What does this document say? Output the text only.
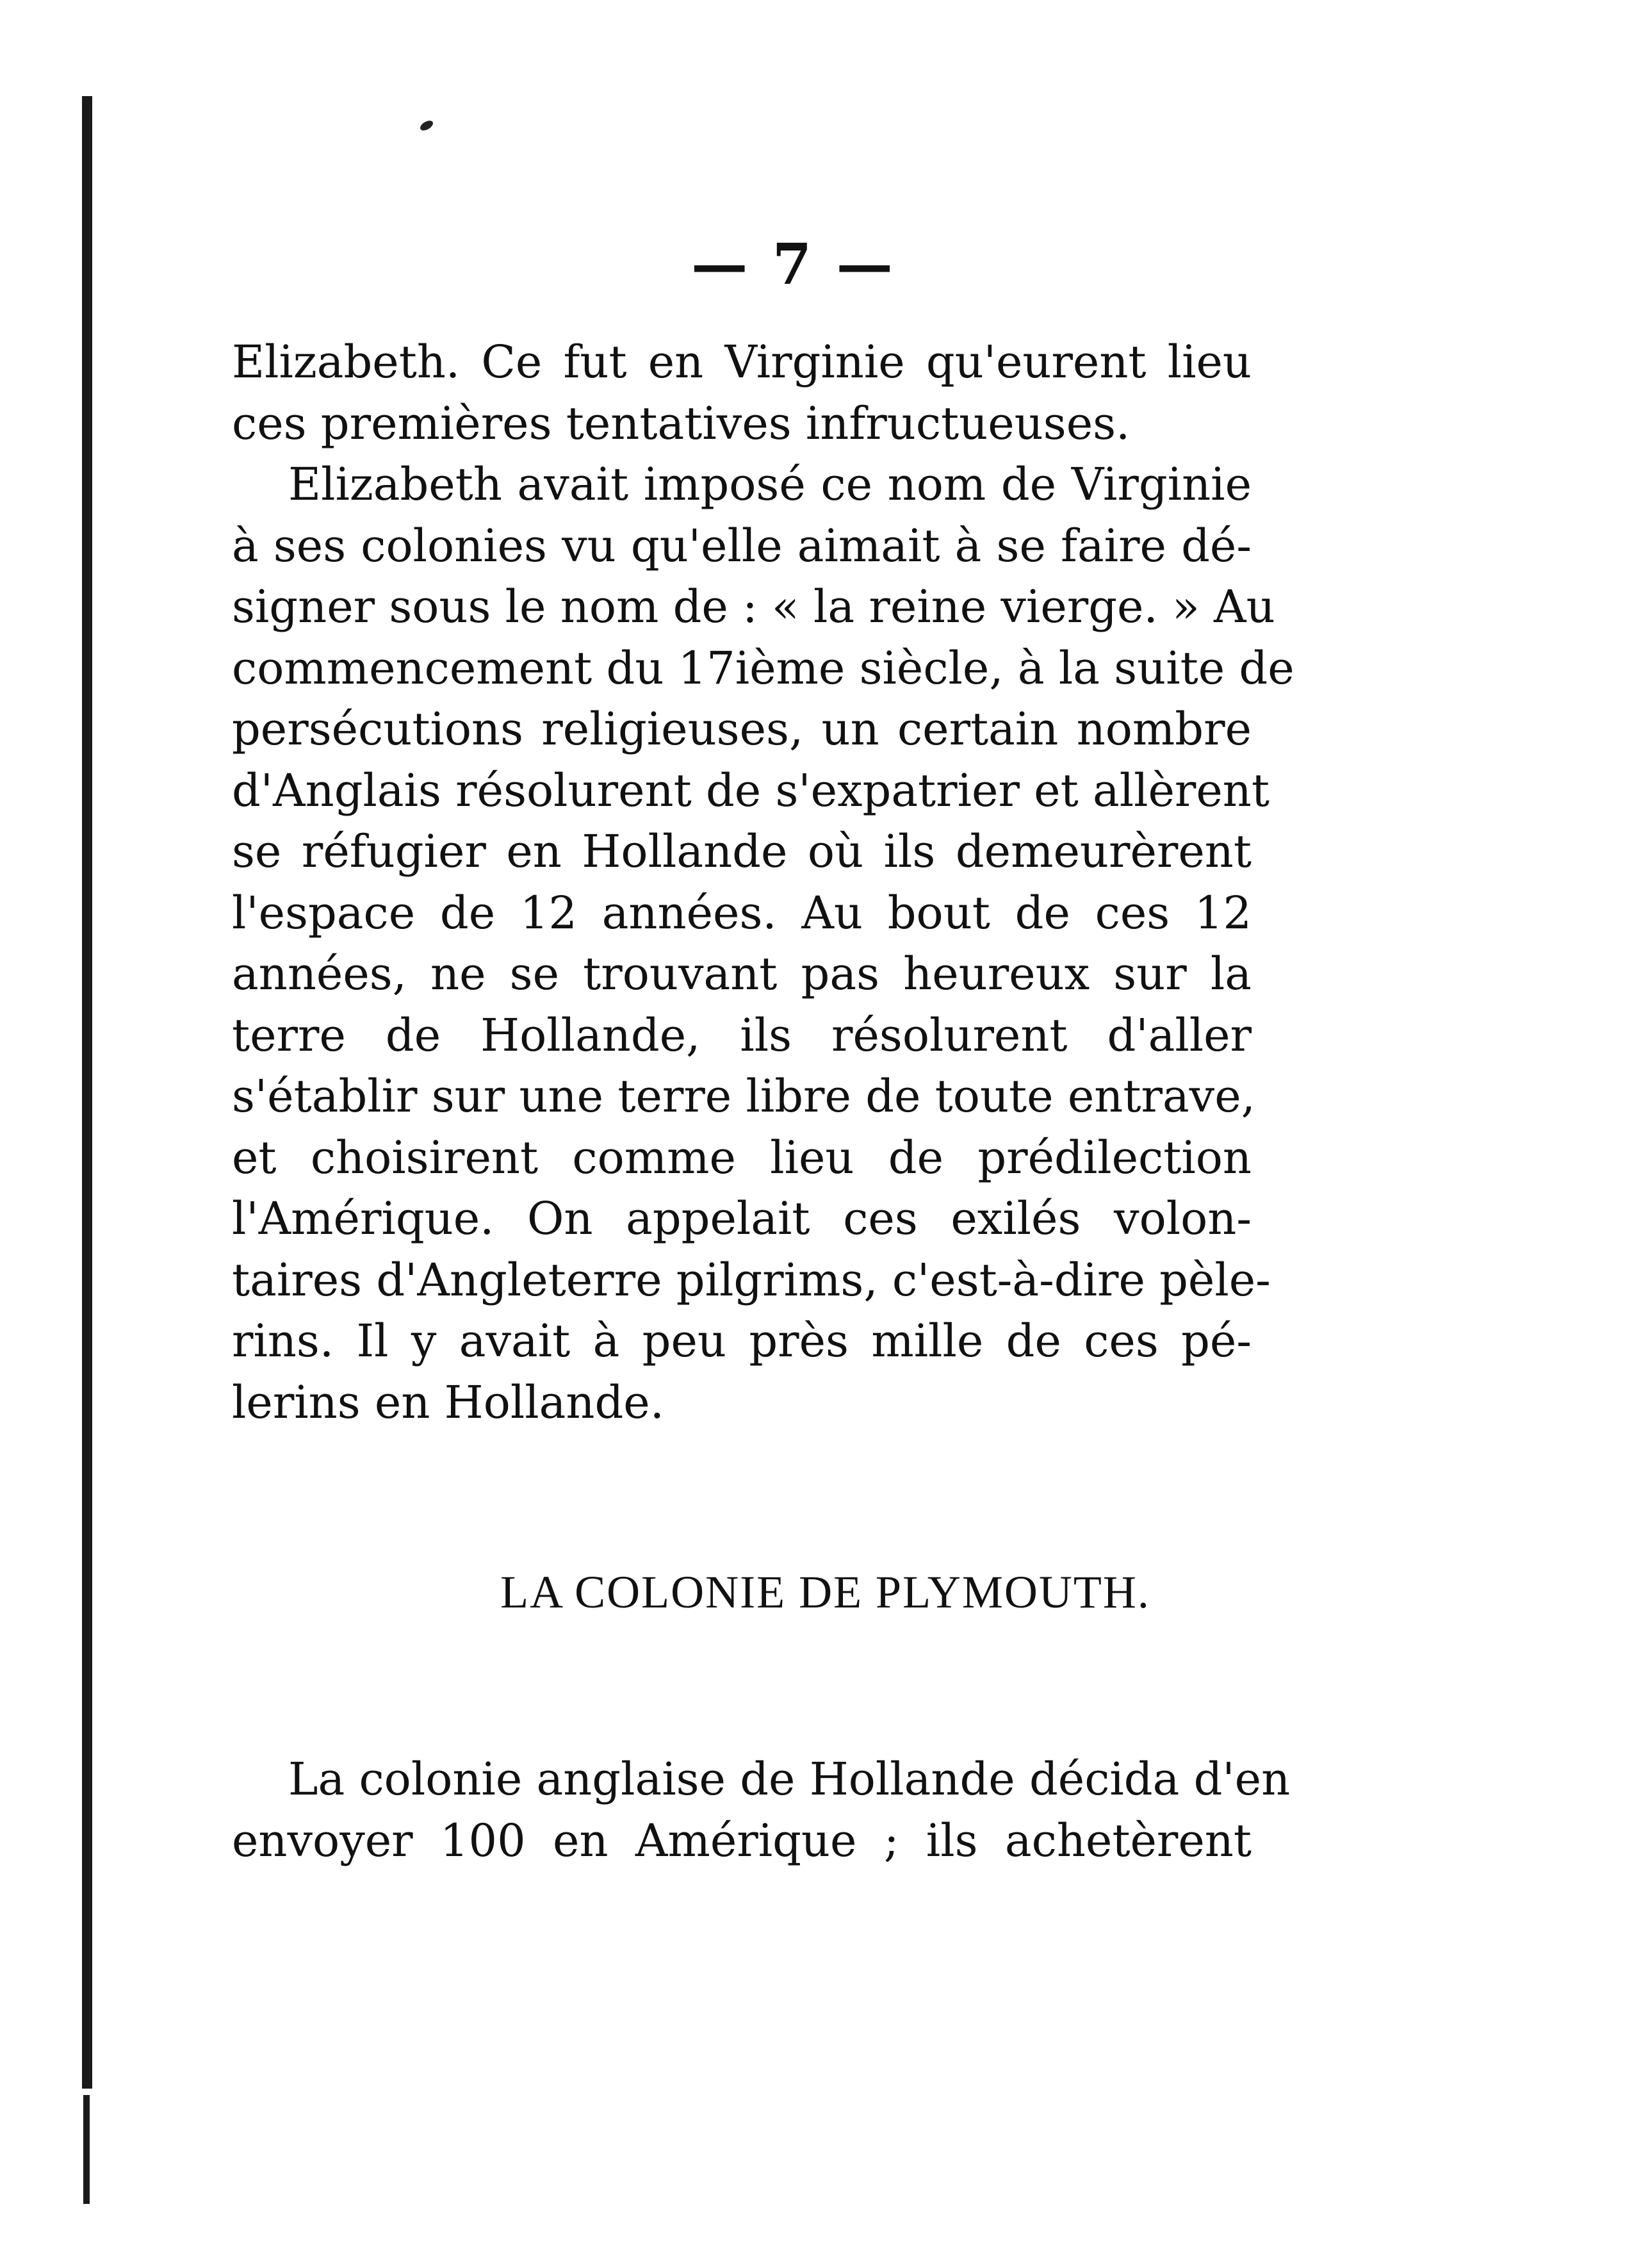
— 7 —
Elizabeth. Ce fut en Virginie qu'eurent lieu
ces premières tentatives infructueuses.
Elizabeth avait imposé ce nom de Virginie
à ses colonies vu qu'elle aimait à se faire dé-
signer sous le nom de : « la reine vierge. » Au
commencement du 17ième siècle, à la suite de
persécutions religieuses, un certain nombre
d'Anglais résolurent de s'expatrier et allèrent
se réfugier en Hollande où ils demeurèrent
l'espace de 12 années. Au bout de ces 12
années, ne se trouvant pas heureux sur la
terre de Hollande, ils résolurent d'aller
s'établir sur une terre libre de toute entrave,
et choisirent comme lieu de prédilection
l'Amérique. On appelait ces exilés volon-
taires d'Angleterre pilgrims, c'est-à-dire pèle-
rins. Il y avait à peu près mille de ces pé-
lerins en Hollande.
LA COLONIE DE PLYMOUTH.
La colonie anglaise de Hollande décida d'en
envoyer 100 en Amérique ; ils achetèrent
